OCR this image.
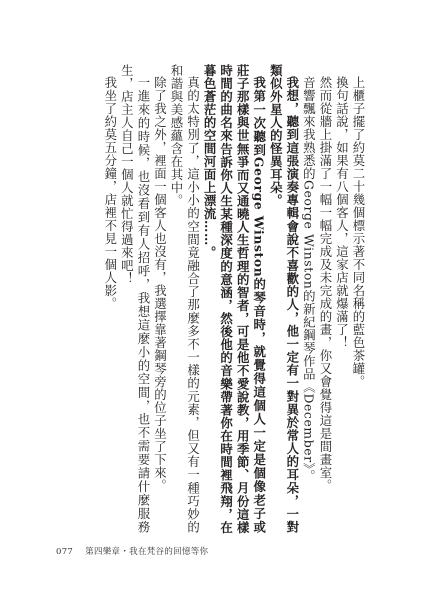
上櫃子擺了約莫二十幾個標示著不同名稱的藍色茶罐。

換句話說，如果有八個客人，這家店就爆滿了！

然而從牆上掛滿了一幅一幅完成及未完成的畫，你又會覺得這是間畫室。

音響飄來我熟悉的George Winston的新紀鋼琴作品《December》。

我想，聽到這張演奏專輯會說不喜歡的人，他一定有一對異於常人的耳朵，一對類似外星人的怪異耳朵。

我第一次聽到George Winston的琴音時，就覺得這個人一定是個像老子或莊子那樣與世無爭而又通曉人生哲理的智者，可是他不愛說教，用季節、月份這樣時間的曲名來告訴你人生某種深度的意涵，然後他的音樂帶著你在時間裡飛翔，在暮色蒼茫的空間河面上漂流……。

真的太特別了，這小小的空間竟融合了那麼多不一樣的元素，但又有一種巧妙的和諧與美感蘊含在其中。

除了我之外，裡面一個客人也沒有，我選擇靠著鋼琴旁的位子坐了下來。

一進來的時候，也沒看到有人招呼，我想這麼小的空間，也不需要請什麼服務生，店主人自己一個人就忙得過來吧！

我坐了約莫五分鐘，店裡不見一個人影。

077 第四樂章・我在梵谷的回憶等你
